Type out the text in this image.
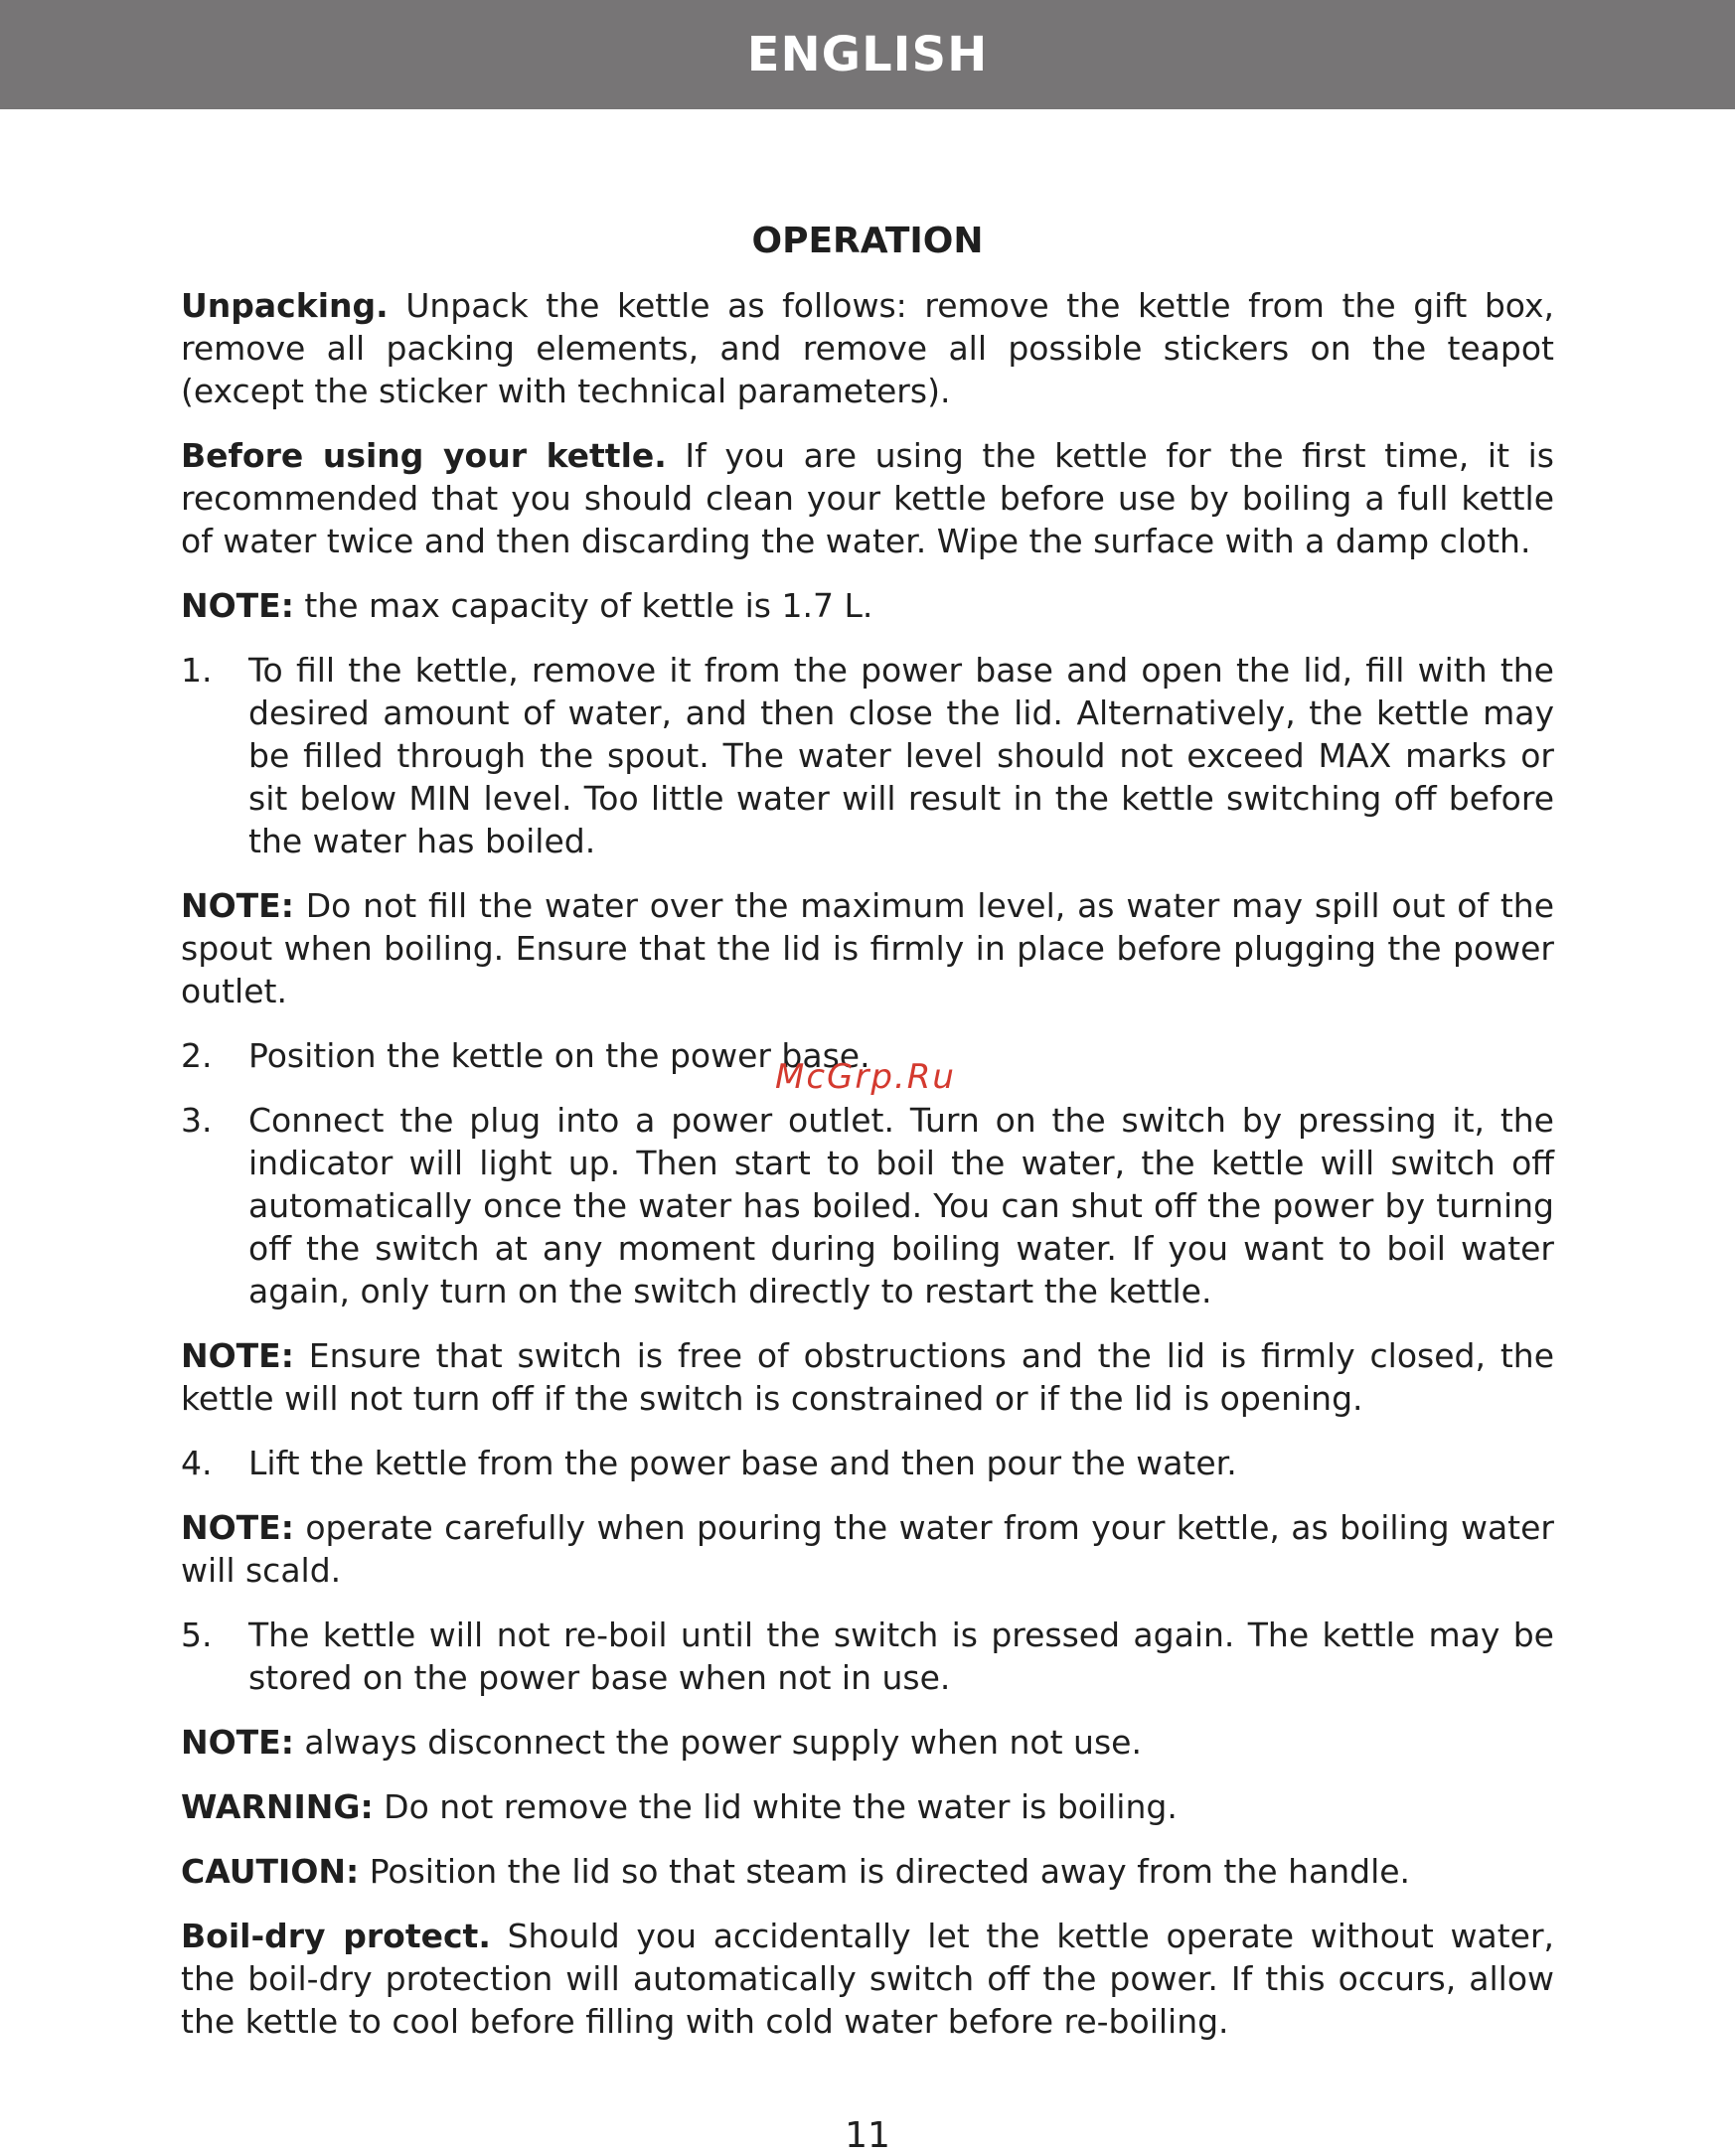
ENGLISH
OPERATION

Unpacking. Unpack the kettle as follows: remove the kettle from the gift box, remove all packing elements, and remove all possible stickers on the teapot (except the sticker with technical parameters).

Before using your kettle. If you are using the kettle for the first time, it is recommended that you should clean your kettle before use by boiling a full kettle of water twice and then discarding the water. Wipe the surface with a damp cloth.

NOTE: the max capacity of kettle is 1.7 L.

1.	To fill the kettle, remove it from the power base and open the lid, fill with the desired amount of water, and then close the lid. Alternatively, the kettle may be filled through the spout. The water level should not exceed MAX marks or sit below MIN level. Too little water will result in the kettle switching off before the water has boiled.

NOTE: Do not fill the water over the maximum level, as water may spill out of the spout when boiling. Ensure that the lid is firmly in place before plugging the power outlet.

2.	Position the kettle on the power base.
3.	Connect the plug into a power outlet. Turn on the switch by pressing it, the indicator will light up. Then start to boil the water, the kettle will switch off automatically once the water has boiled. You can shut off the power by turning off the switch at any moment during boiling water. If you want to boil water again, only turn on the switch directly to restart the kettle.

NOTE: Ensure that switch is free of obstructions and the lid is firmly closed, the kettle will not turn off if the switch is constrained or if the lid is opening.

4.	Lift the kettle from the power base and then pour the water.

NOTE: operate carefully when pouring the water from your kettle, as boiling water will scald.

5.	The kettle will not re-boil until the switch is pressed again. The kettle may be stored on the power base when not in use.

NOTE: always disconnect the power supply when not use.

WARNING: Do not remove the lid white the water is boiling.

CAUTION: Position the lid so that steam is directed away from the handle.

Boil-dry protect. Should you accidentally let the kettle operate without water, the boil-dry protection will automatically switch off the power. If this occurs, allow the kettle to cool before filling with cold water before re-boiling.

McGrp.Ru
11
